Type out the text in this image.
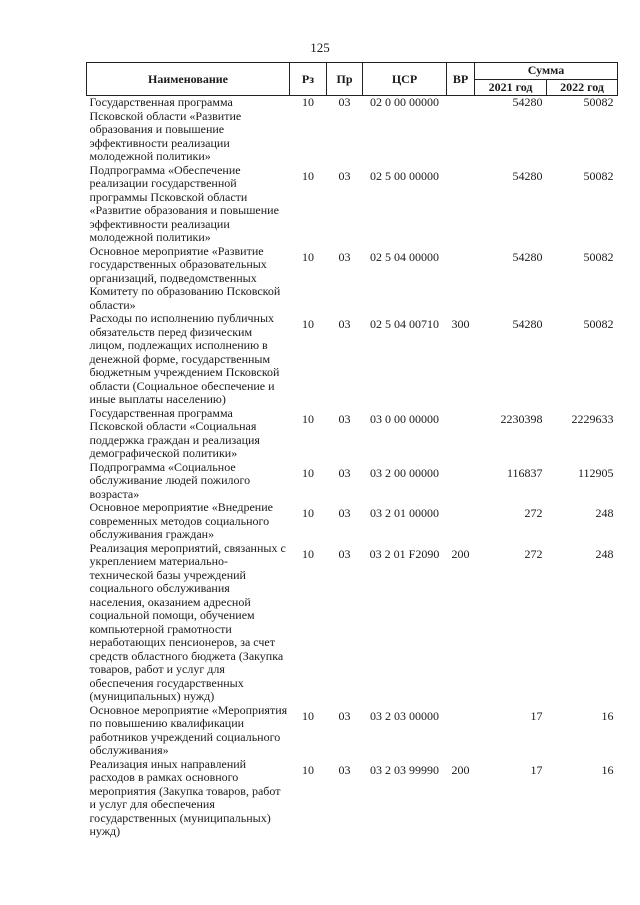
125
Наименование	Рз	Пр	ЦСР	ВР	Сумма	
					2021 год	2022 год
Государственная программа Псковской области «Развитие образования и повышение эффективности реализации молодежной политики»	10	03	02 0 00 00000		54280	50082
Подпрограмма «Обеспечение реализации государственной программы Псковской области «Развитие образования и повышение эффективности реализации молодежной политики»	10	03	02 5 00 00000		54280	50082
Основное мероприятие «Развитие государственных образовательных организаций, подведомственных Комитету по образованию Псковской области»	10	03	02 5 04 00000		54280	50082
Расходы по исполнению публичных обязательств перед физическим лицом, подлежащих исполнению в денежной форме, государственным бюджетным учреждением Псковской области (Социальное обеспечение и иные выплаты населению)	10	03	02 5 04 00710	300	54280	50082
Государственная программа Псковской области «Социальная поддержка граждан и реализация демографической политики»	10	03	03 0 00 00000		2230398	2229633
Подпрограмма «Социальное обслуживание людей пожилого возраста»	10	03	03 2 00 00000		116837	112905
Основное мероприятие «Внедрение современных методов социального обслуживания граждан»	10	03	03 2 01 00000		272	248
Реализация мероприятий, связанных с укреплением материально-технической базы учреждений социального обслуживания населения, оказанием адресной социальной помощи, обучением компьютерной грамотности неработающих пенсионеров, за счет средств областного бюджета (Закупка товаров, работ и услуг для обеспечения государственных (муниципальных) нужд)	10	03	03 2 01 F2090	200	272	248
Основное мероприятие «Мероприятия по повышению квалификации работников учреждений социального обслуживания»	10	03	03 2 03 00000		17	16
Реализация иных направлений расходов в рамках основного мероприятия (Закупка товаров, работ и услуг для обеспечения государственных (муниципальных) нужд)	10	03	03 2 03 99990	200	17	16
